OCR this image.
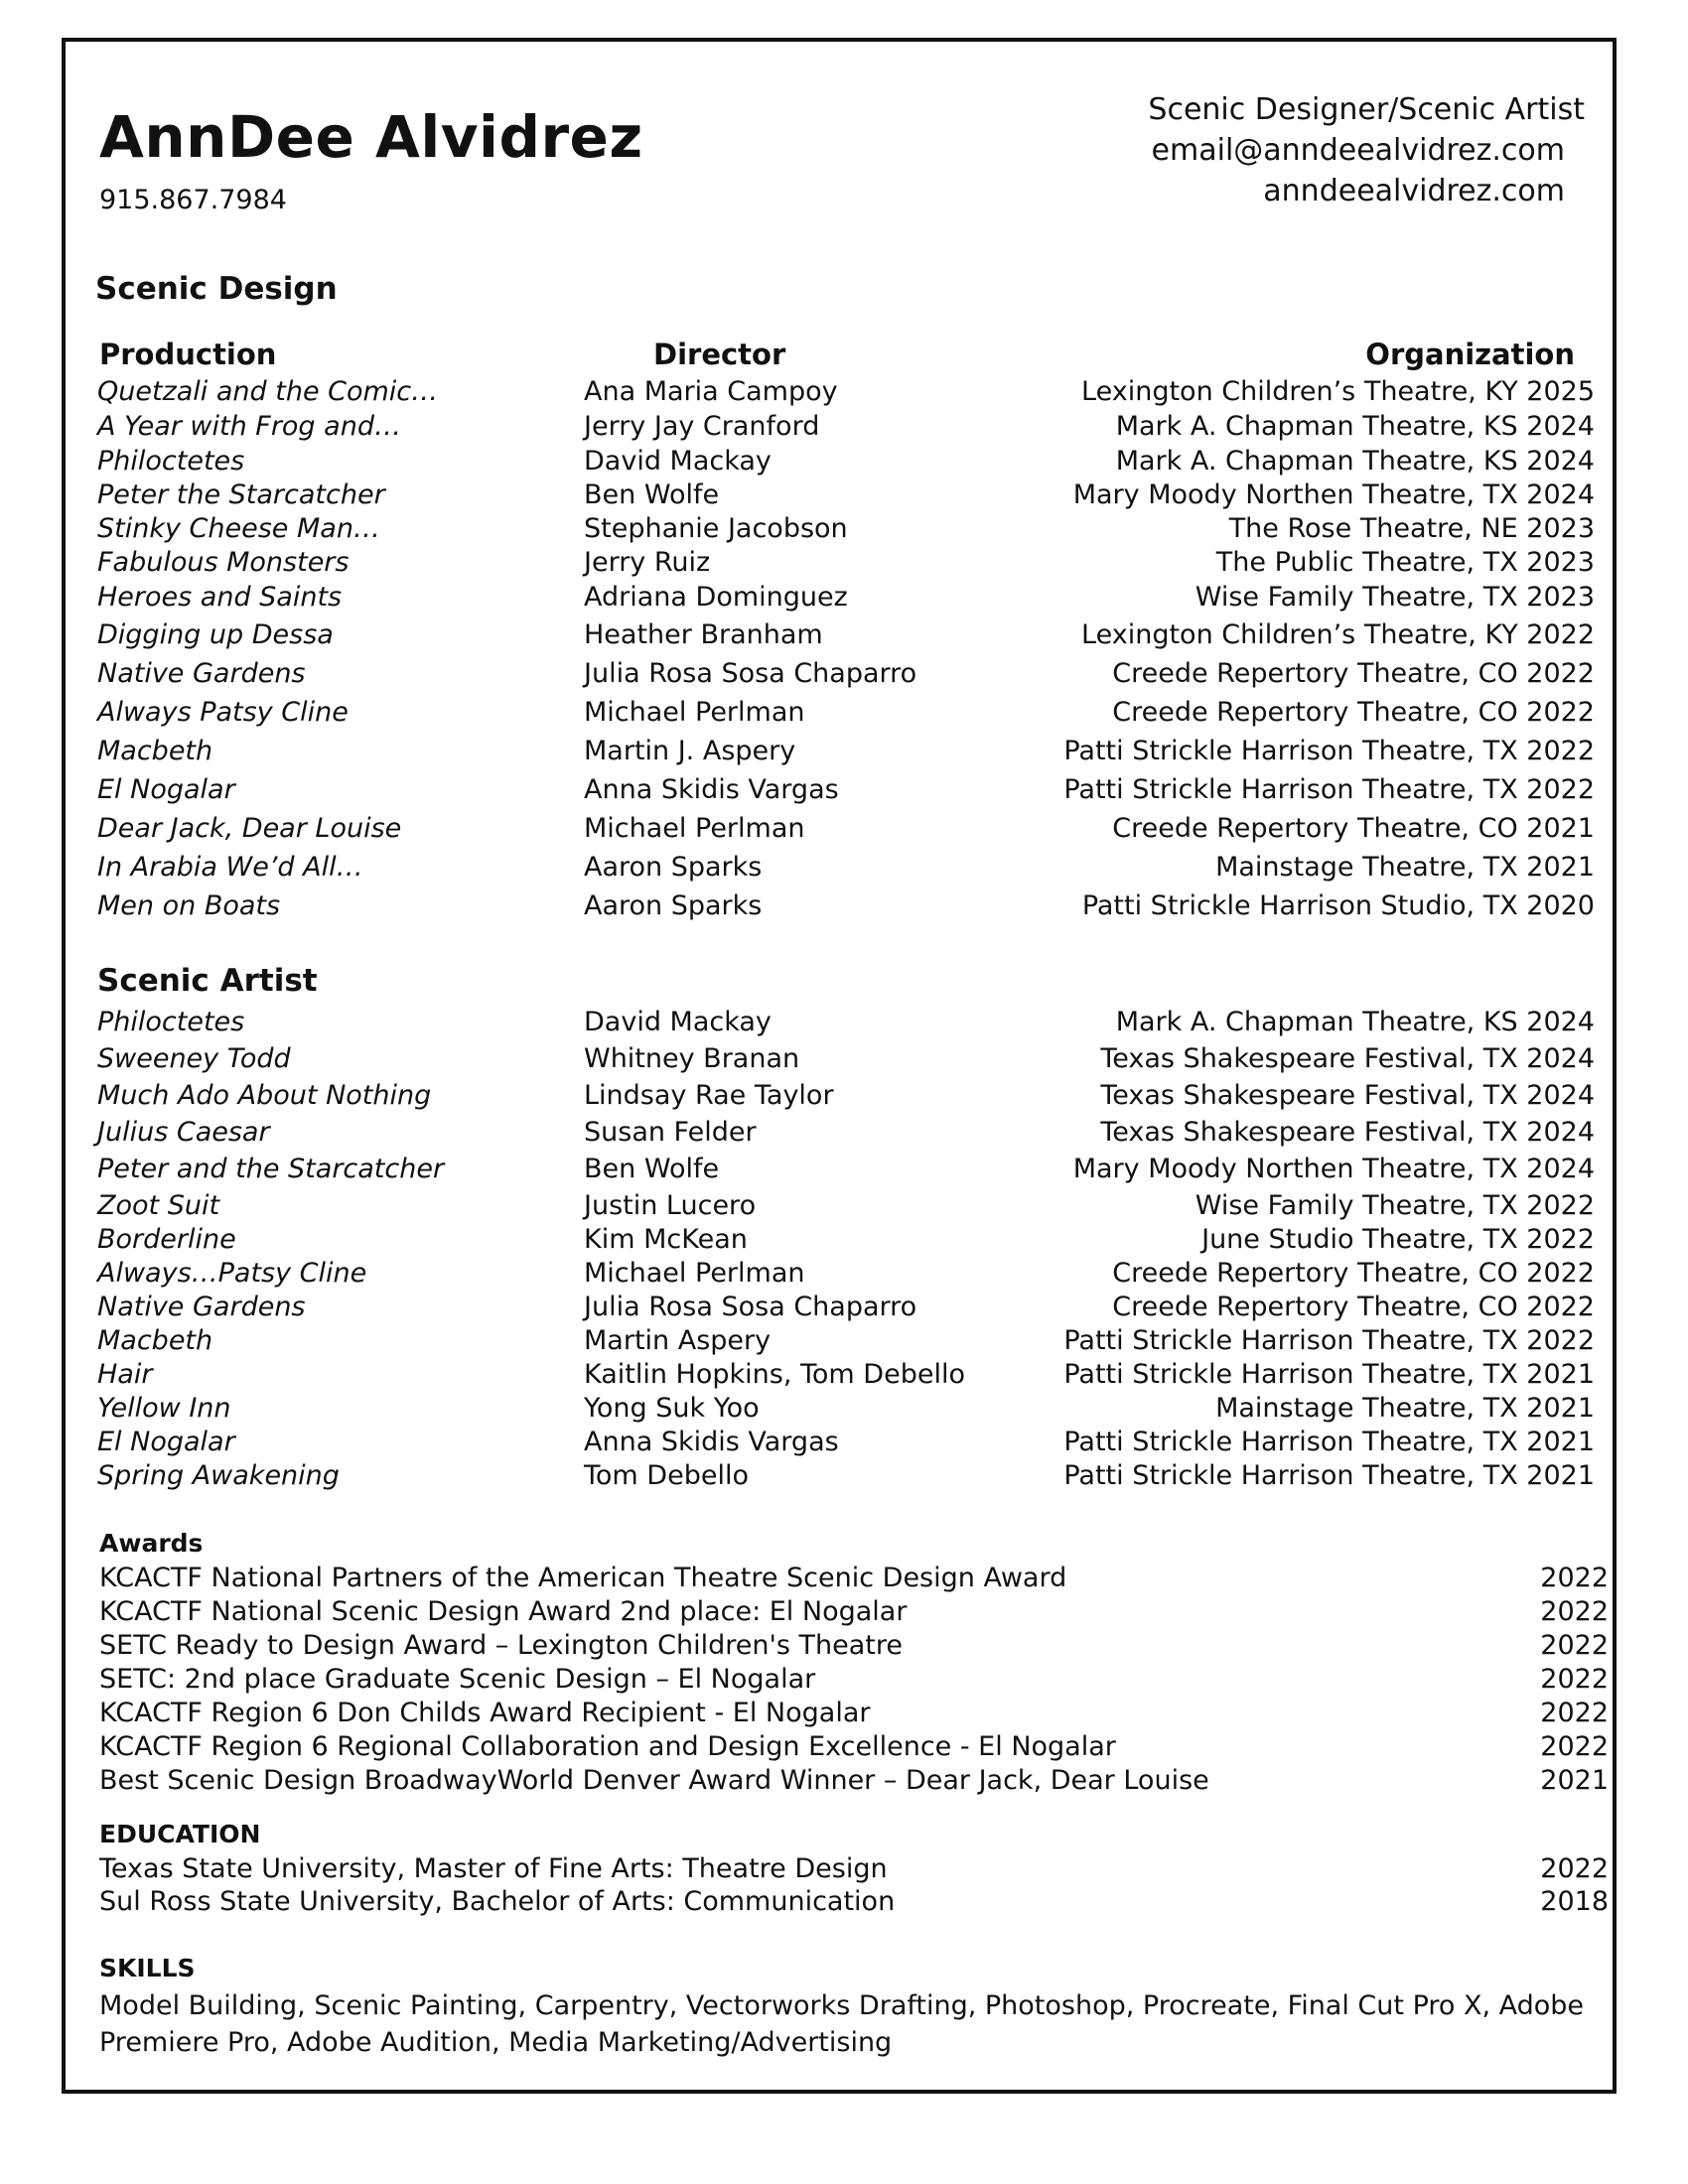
AnnDee Alvidrez
915.867.7984
Scenic Designer/Scenic Artist
email@anndeealvidrez.com
anndeealvidrez.com
Scenic Design
Production	Director	Organization
Quetzali and the Comic…	Ana Maria Campoy	Lexington Children’s Theatre, KY 2025
A Year with Frog and…	Jerry Jay Cranford	Mark A. Chapman Theatre, KS 2024
Philoctetes	David Mackay	Mark A. Chapman Theatre, KS 2024
Peter the Starcatcher	Ben Wolfe	Mary Moody Northen Theatre, TX 2024
Stinky Cheese Man…	Stephanie Jacobson	The Rose Theatre, NE 2023
Fabulous Monsters	Jerry Ruiz	The Public Theatre, TX 2023
Heroes and Saints	Adriana Dominguez	Wise Family Theatre, TX 2023
Digging up Dessa	Heather Branham	Lexington Children’s Theatre, KY 2022
Native Gardens	Julia Rosa Sosa Chaparro	Creede Repertory Theatre, CO 2022
Always Patsy Cline	Michael Perlman	Creede Repertory Theatre, CO 2022
Macbeth	Martin J. Aspery	Patti Strickle Harrison Theatre, TX 2022
El Nogalar	Anna Skidis Vargas	Patti Strickle Harrison Theatre, TX 2022
Dear Jack, Dear Louise	Michael Perlman	Creede Repertory Theatre, CO 2021
In Arabia We’d All…	Aaron Sparks	Mainstage Theatre, TX 2021
Men on Boats	Aaron Sparks	Patti Strickle Harrison Studio, TX 2020
Scenic Artist
Philoctetes	David Mackay	Mark A. Chapman Theatre, KS 2024
Sweeney Todd	Whitney Branan	Texas Shakespeare Festival, TX 2024
Much Ado About Nothing	Lindsay Rae Taylor	Texas Shakespeare Festival, TX 2024
Julius Caesar	Susan Felder	Texas Shakespeare Festival, TX 2024
Peter and the Starcatcher	Ben Wolfe	Mary Moody Northen Theatre, TX 2024
Zoot Suit	Justin Lucero	Wise Family Theatre, TX 2022
Borderline	Kim McKean	June Studio Theatre, TX 2022
Always…Patsy Cline	Michael Perlman	Creede Repertory Theatre, CO 2022
Native Gardens	Julia Rosa Sosa Chaparro	Creede Repertory Theatre, CO 2022
Macbeth	Martin Aspery	Patti Strickle Harrison Theatre, TX 2022
Hair	Kaitlin Hopkins, Tom Debello	Patti Strickle Harrison Theatre, TX 2021
Yellow Inn	Yong Suk Yoo	Mainstage Theatre, TX 2021
El Nogalar	Anna Skidis Vargas	Patti Strickle Harrison Theatre, TX 2021
Spring Awakening	Tom Debello	Patti Strickle Harrison Theatre, TX 2021
Awards
KCACTF National Partners of the American Theatre Scenic Design Award	2022
KCACTF National Scenic Design Award 2nd place: El Nogalar	2022
SETC Ready to Design Award – Lexington Children's Theatre	2022
SETC: 2nd place Graduate Scenic Design – El Nogalar	2022
KCACTF Region 6 Don Childs Award Recipient - El Nogalar	2022
KCACTF Region 6 Regional Collaboration and Design Excellence - El Nogalar	2022
Best Scenic Design BroadwayWorld Denver Award Winner – Dear Jack, Dear Louise	2021
EDUCATION
Texas State University, Master of Fine Arts: Theatre Design	2022
Sul Ross State University, Bachelor of Arts: Communication	2018
SKILLS
Model Building, Scenic Painting, Carpentry, Vectorworks Drafting, Photoshop, Procreate, Final Cut Pro X, Adobe Premiere Pro, Adobe Audition, Media Marketing/Advertising
